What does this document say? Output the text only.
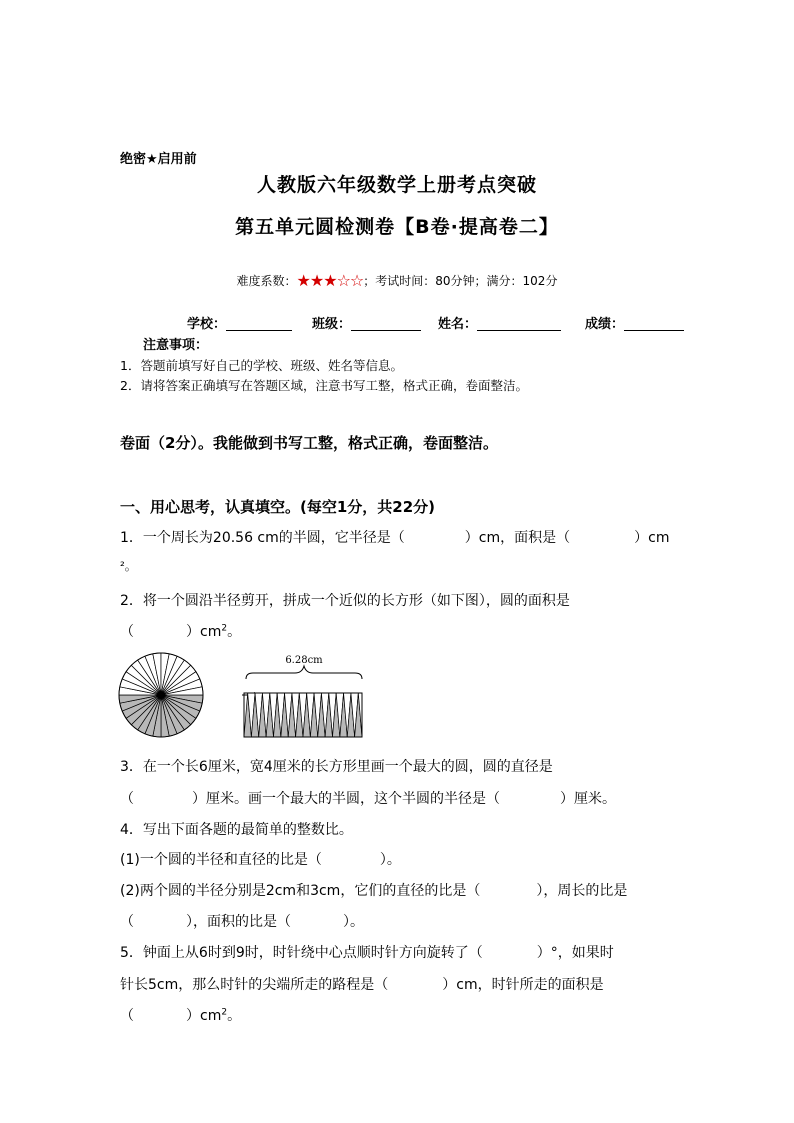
绝密★启用前
人教版六年级数学上册考点突破
第五单元圆检测卷【B卷·提高卷二】
难度系数：★★★☆☆；考试时间：80分钟；满分：102分
学校：	班级：	姓名：	成绩：
注意事项：
1．答题前填写好自己的学校、班级、姓名等信息。
2．请将答案正确填写在答题区域，注意书写工整，格式正确，卷面整洁。
卷面（2分）。我能做到书写工整，格式正确，卷面整洁。
一、用心思考，认真填空。(每空1分，共22分)
1．一个周长为20.56 cm的半圆，它半径是（	）cm，面积是（	）cm
²。
2．将一个圆沿半径剪开，拼成一个近似的长方形（如下图），圆的面积是
（	）$cm^2$。
6.28cm
3．在一个长6厘米，宽4厘米的长方形里画一个最大的圆，圆的直径是
（	）厘米。画一个最大的半圆，这个半圆的半径是（	）厘米。
4．写出下面各题的最简单的整数比。
(1)一个圆的半径和直径的比是（	）。
(2)两个圆的半径分别是2cm和3cm，它们的直径的比是（	），周长的比是
（	），面积的比是（	）。
5．钟面上从6时到9时，时针绕中心点顺时针方向旋转了（	）°，如果时
针长5cm，那么时针的尖端所走的路程是（	）cm，时针所走的面积是
（	）$cm^2$。
